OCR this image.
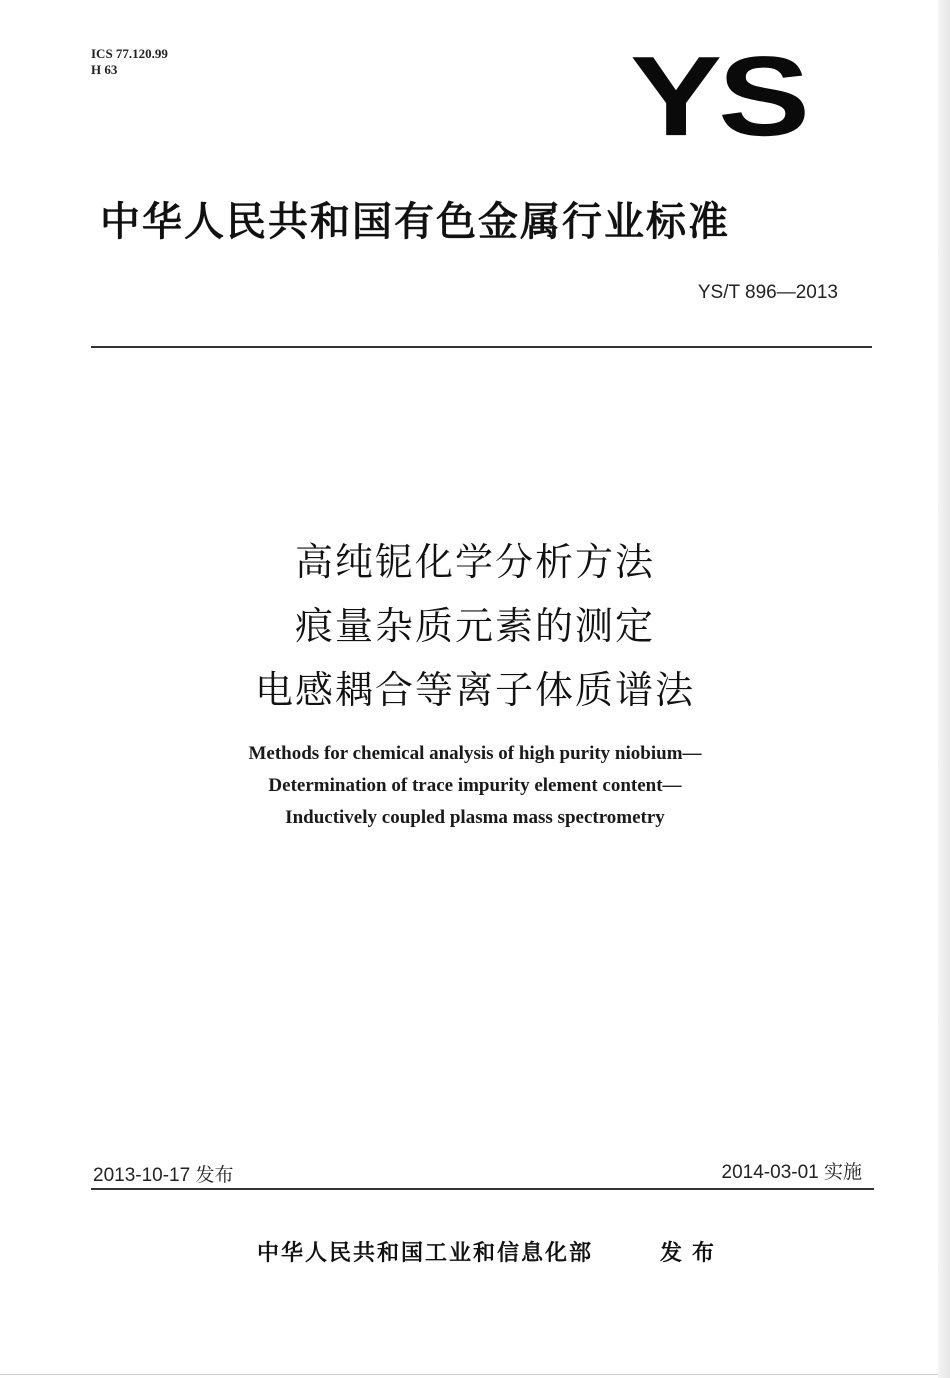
ICS 77.120.99
H 63	YS
中华人民共和国有色金属行业标准
YS/T 896—2013
高纯铌化学分析方法
痕量杂质元素的测定
电感耦合等离子体质谱法
Methods for chemical analysis of high purity niobium—
Determination of trace impurity element content—
Inductively coupled plasma mass spectrometry
2013-10-17 发布	2014-03-01 实施
中华人民共和国工业和信息化部	发布
